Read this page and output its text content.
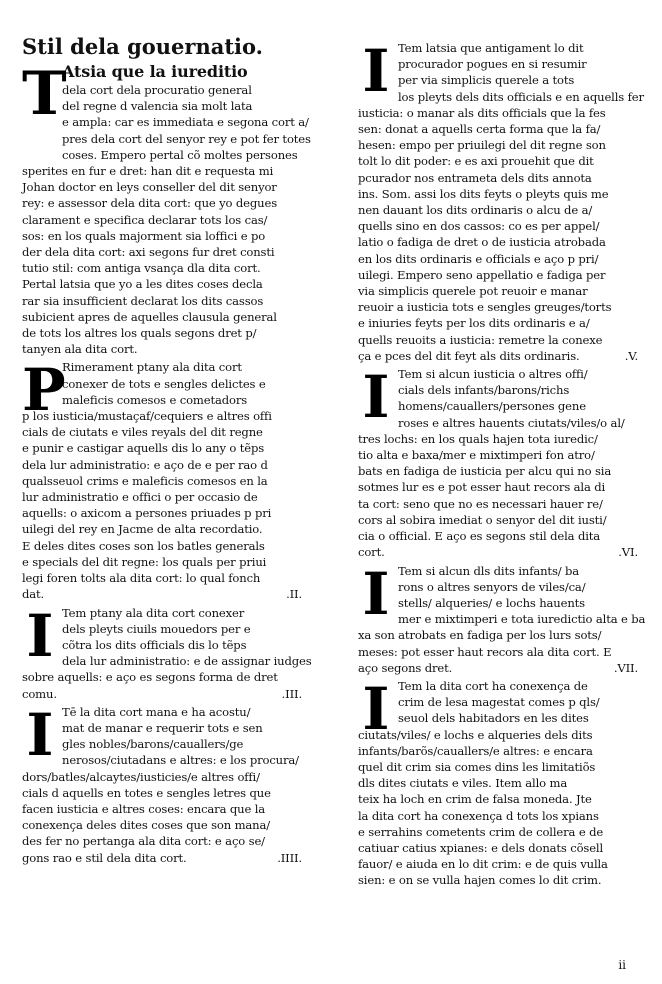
Stil dela gouernatio.
T
Atsia que la iureditio
dela cort dela procuratio general
del regne d valencia sia molt lata
e ampla: car es immediata e segona cort a/
pres dela cort del senyor rey e pot fer totes
coses. Empero pertal cõ moltes persones
sperites en fur e dret: han dit e requesta mi
Johan doctor en leys conseller del dit senyor
rey: e assessor dela dita cort: que yo degues
clarament e specifica declarar tots los cas/
sos: en los quals majorment sia loffici e po
der dela dita cort: axi segons fur dret consti
tutio stil: com antiga vsança dla dita cort.
Pertal latsia que yo a les dites coses decla
rar sia insufficient declarat los dits cassos
subicient apres de aquelles clausula general
de tots los altres los quals segons dret p/
tanyen ala dita cort.
P
Rimerament ptany ala dita cort
conexer de tots e sengles delictes e
maleficis comesos e cometadors
p los iusticia/mustaçaf/cequiers e altres offi
cials de ciutats e viles reyals del dit regne
e punir e castigar aquells dis lo any o tẽps
dela lur administratio: e aço de e per rao d
qualsseuol crims e maleficis comesos en la
lur administratio e offici o per occasio de
aquells: o axicom a persones priuades p pri
uilegi del rey en Jacme de alta recordatio.
E deles dites coses son los batles generals
e specials del dit regne: los quals per priui
legi foren tolts ala dita cort: lo qual fonch
dat.	.II.
I Tem ptany ala dita cort conexer
dels pleyts ciuils mouedors per e
cõtra los dits officials dis lo tẽps
dela lur administratio: e de assignar iudges
sobre aquells: e aço es segons forma de dret
comu.	.III.
I Tē la dita cort mana e ha acostu/
mat de manar e requerir tots e sen
gles nobles/barons/cauallers/ge
nerosos/ciutadans e altres: e los procura/
dors/batles/alcaytes/iusticies/e altres offi/
cials d aquells en totes e sengles letres que
facen iusticia e altres coses: encara que la
conexença deles dites coses que son mana/
des fer no pertanga ala dita cort: e aço se/
gons rao e stil dela dita cort.	.IIII.
I Tem latsia que antigament lo dit
procurador pogues en si resumir
per via simplicis querele a tots
los pleyts dels dits officials e en aquells fer
iusticia: o manar als dits officials que la fes
sen: donat a aquells certa forma que la fa/
hesen: empo per priuilegi del dit regne son
tolt lo dit poder: e es axi prouehit que dit
pcurador nos entrameta dels dits annota
ins. Som. assi los dits feyts o pleyts quis me
nen dauant los dits ordinaris o alcu de a/
quells sino en dos cassos: co es per appel/
latio o fadiga de dret o de iusticia atrobada
en los dits ordinaris e officials e aço p pri/
uilegi. Empero seno appellatio e fadiga per
via simplicis querele pot reuoir e manar
reuoir a iusticia tots e sengles greuges/torts
e iniuries feyts per los dits ordinaris e a/
quells reuoits a iusticia: remetre la conexe
ça e pces del dit feyt als dits ordinaris.	.V.
I Tem si alcun iusticia o altres offi/
cials dels infants/barons/richs
homens/cauallers/persones gene
roses e altres hauents ciutats/viles/o al/
tres lochs: en los quals hajen tota iuredic/
tio alta e baxa/mer e mixtimperi fon atro/
bats en fadiga de iusticia per alcu qui no sia
sotmes lur es e pot esser haut recors ala di
ta cort: seno que no es necessari hauer re/
cors al sobira imediat o senyor del dit iusti/
cia o official. E aço es segons stil dela dita
cort.	.VI.
I Tem si alcun dls dits infants/ ba
rons o altres senyors de viles/ca/
stells/ alqueries/ e lochs hauents
mer e mixtimperi e tota iuredictio alta e ba
xa son atrobats en fadiga per los lurs sots/
meses: pot esser haut recors ala dita cort. E
aço segons dret.	.VII.
I Tem la dita cort ha conexença de
crim de lesa magestat comes p qls/
seuol dels habitadors en les dites
ciutats/viles/ e lochs e alqueries dels dits
infants/barõs/cauallers/e altres: e encara
quel dit crim sia comes dins les limitatiõs
dls dites ciutats e viles. Item allo ma
teix ha loch en crim de falsa moneda. Jte
la dita cort ha conexença d tots los xpians
e serrahins cometents crim de collera e de
catiuar catius xpianes: e dels donats cõsell
fauor/ e aiuda en lo dit crim: e de quis vulla
sien: e on se vulla hajen comes lo dit crim.
ii
